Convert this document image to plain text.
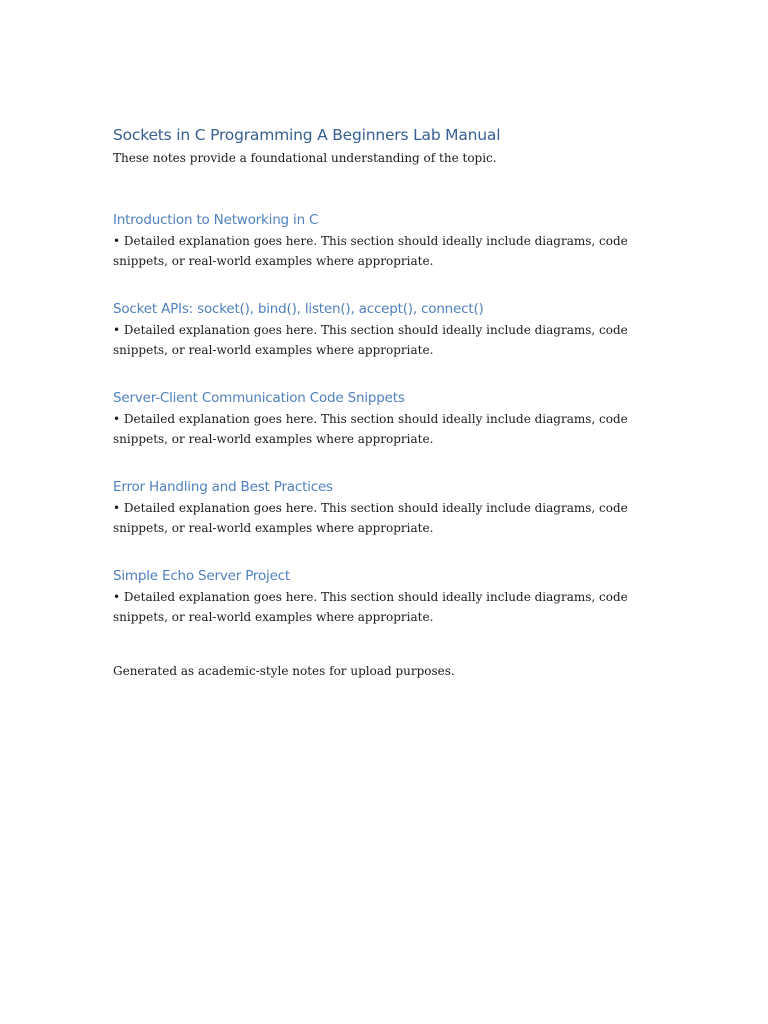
Sockets in C Programming A Beginners Lab Manual

These notes provide a foundational understanding of the topic.

Introduction to Networking in C

• Detailed explanation goes here. This section should ideally include diagrams, code snippets, or real-world examples where appropriate.

Socket APIs: socket(), bind(), listen(), accept(), connect()

• Detailed explanation goes here. This section should ideally include diagrams, code snippets, or real-world examples where appropriate.

Server-Client Communication Code Snippets

• Detailed explanation goes here. This section should ideally include diagrams, code snippets, or real-world examples where appropriate.

Error Handling and Best Practices

• Detailed explanation goes here. This section should ideally include diagrams, code snippets, or real-world examples where appropriate.

Simple Echo Server Project

• Detailed explanation goes here. This section should ideally include diagrams, code snippets, or real-world examples where appropriate.

Generated as academic-style notes for upload purposes.
